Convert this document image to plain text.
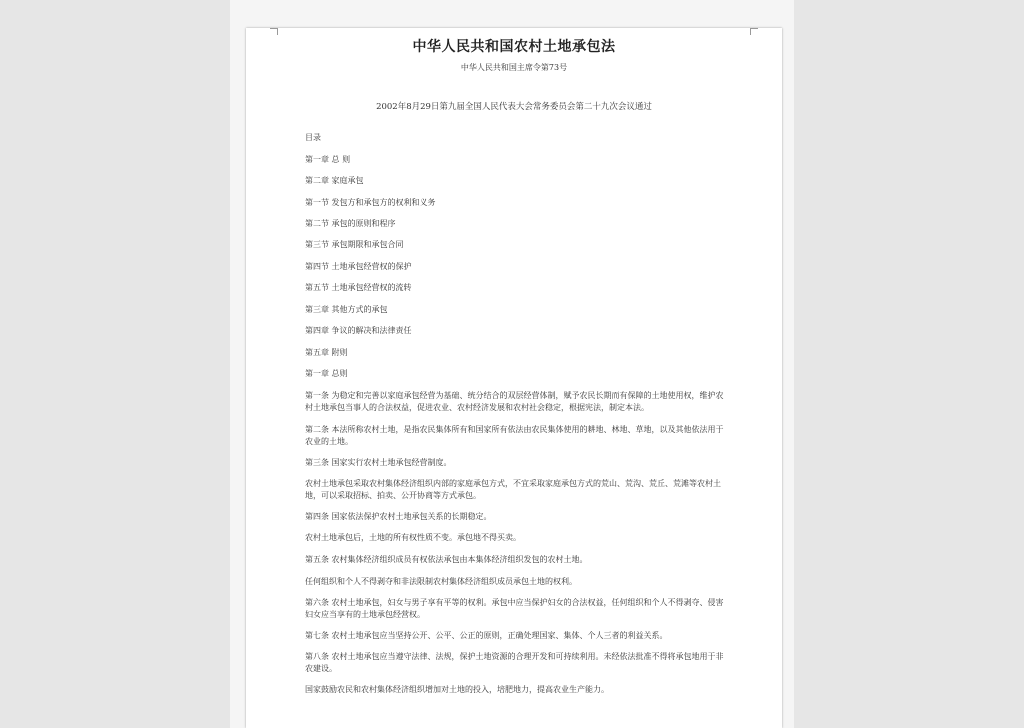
中华人民共和国农村土地承包法
中华人民共和国主席令第73号
2002年8月29日第九届全国人民代表大会常务委员会第二十九次会议通过
目录
第一章 总 则
第二章 家庭承包
第一节 发包方和承包方的权利和义务
第二节 承包的原则和程序
第三节 承包期限和承包合同
第四节 土地承包经营权的保护
第五节 土地承包经营权的流转
第三章 其他方式的承包
第四章 争议的解决和法律责任
第五章 附则
第一章 总则

第一条 为稳定和完善以家庭承包经营为基础、统分结合的双层经营体制，赋予农民长期而有保障的土地使用权，维护农村土地承包当事人的合法权益，促进农业、农村经济发展和农村社会稳定，根据宪法，制定本法。

第二条 本法所称农村土地，是指农民集体所有和国家所有依法由农民集体使用的耕地、林地、草地，以及其他依法用于农业的土地。

第三条 国家实行农村土地承包经营制度。

农村土地承包采取农村集体经济组织内部的家庭承包方式，不宜采取家庭承包方式的荒山、荒沟、荒丘、荒滩等农村土地，可以采取招标、拍卖、公开协商等方式承包。

第四条 国家依法保护农村土地承包关系的长期稳定。

农村土地承包后，土地的所有权性质不变。承包地不得买卖。

第五条 农村集体经济组织成员有权依法承包由本集体经济组织发包的农村土地。

任何组织和个人不得剥夺和非法限制农村集体经济组织成员承包土地的权利。

第六条 农村土地承包，妇女与男子享有平等的权利。承包中应当保护妇女的合法权益，任何组织和个人不得剥夺、侵害妇女应当享有的土地承包经营权。

第七条 农村土地承包应当坚持公开、公平、公正的原则，正确处理国家、集体、个人三者的利益关系。

第八条 农村土地承包应当遵守法律、法规，保护土地资源的合理开发和可持续利用。未经依法批准不得将承包地用于非农建设。

国家鼓励农民和农村集体经济组织增加对土地的投入，培肥地力，提高农业生产能力。
